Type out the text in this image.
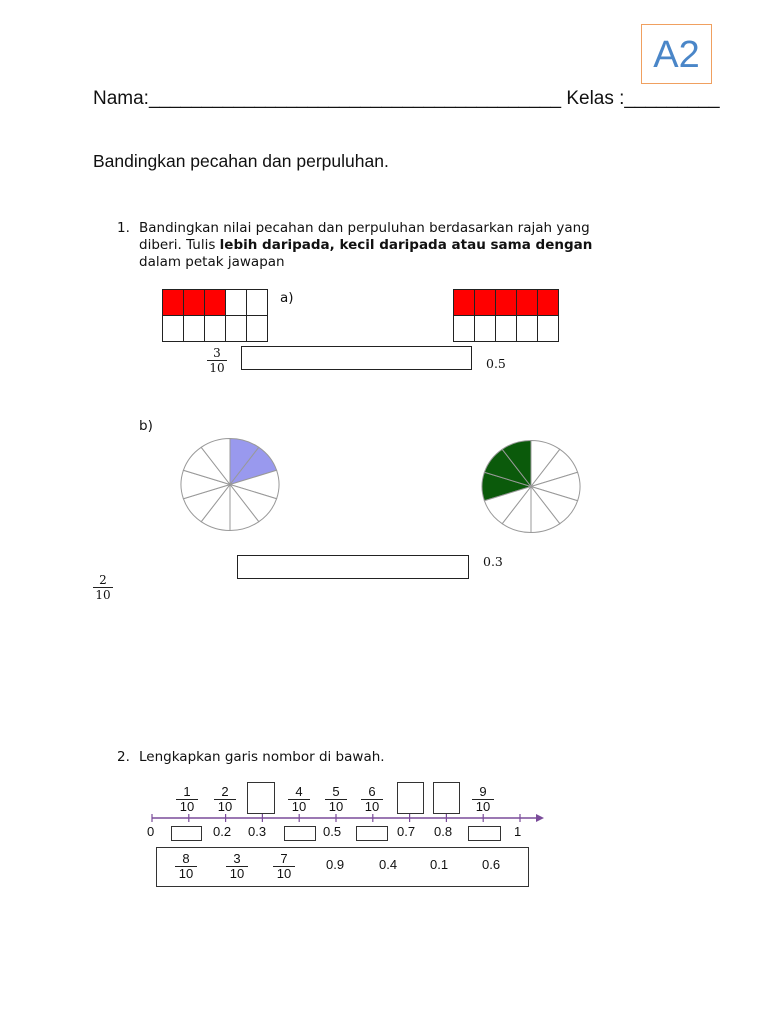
A2
Nama:_______________________________________ Kelas :_________
Bandingkan pecahan dan perpuluhan.
1. Bandingkan nilai pecahan dan perpuluhan berdasarkan rajah yang
diberi. Tulis lebih daripada, kecil daripada atau sama dengan
dalam petak jawapan

a)

$\frac{3}{10}$	0.5
b)
0.3
$\frac{2}{10}$
2. Lengkapkan garis nombor di bawah.
$\frac{1}{10} \frac{2}{10}$	$\frac{4}{10} \frac{5}{10} \frac{6}{10}$	$\frac{9}{10}$
0	0.2 0.3	0.5	0.7 0.8	1
$\frac{8}{10} \frac{3}{10} \frac{7}{10} 0.9$	0.4	0.1	0.6
